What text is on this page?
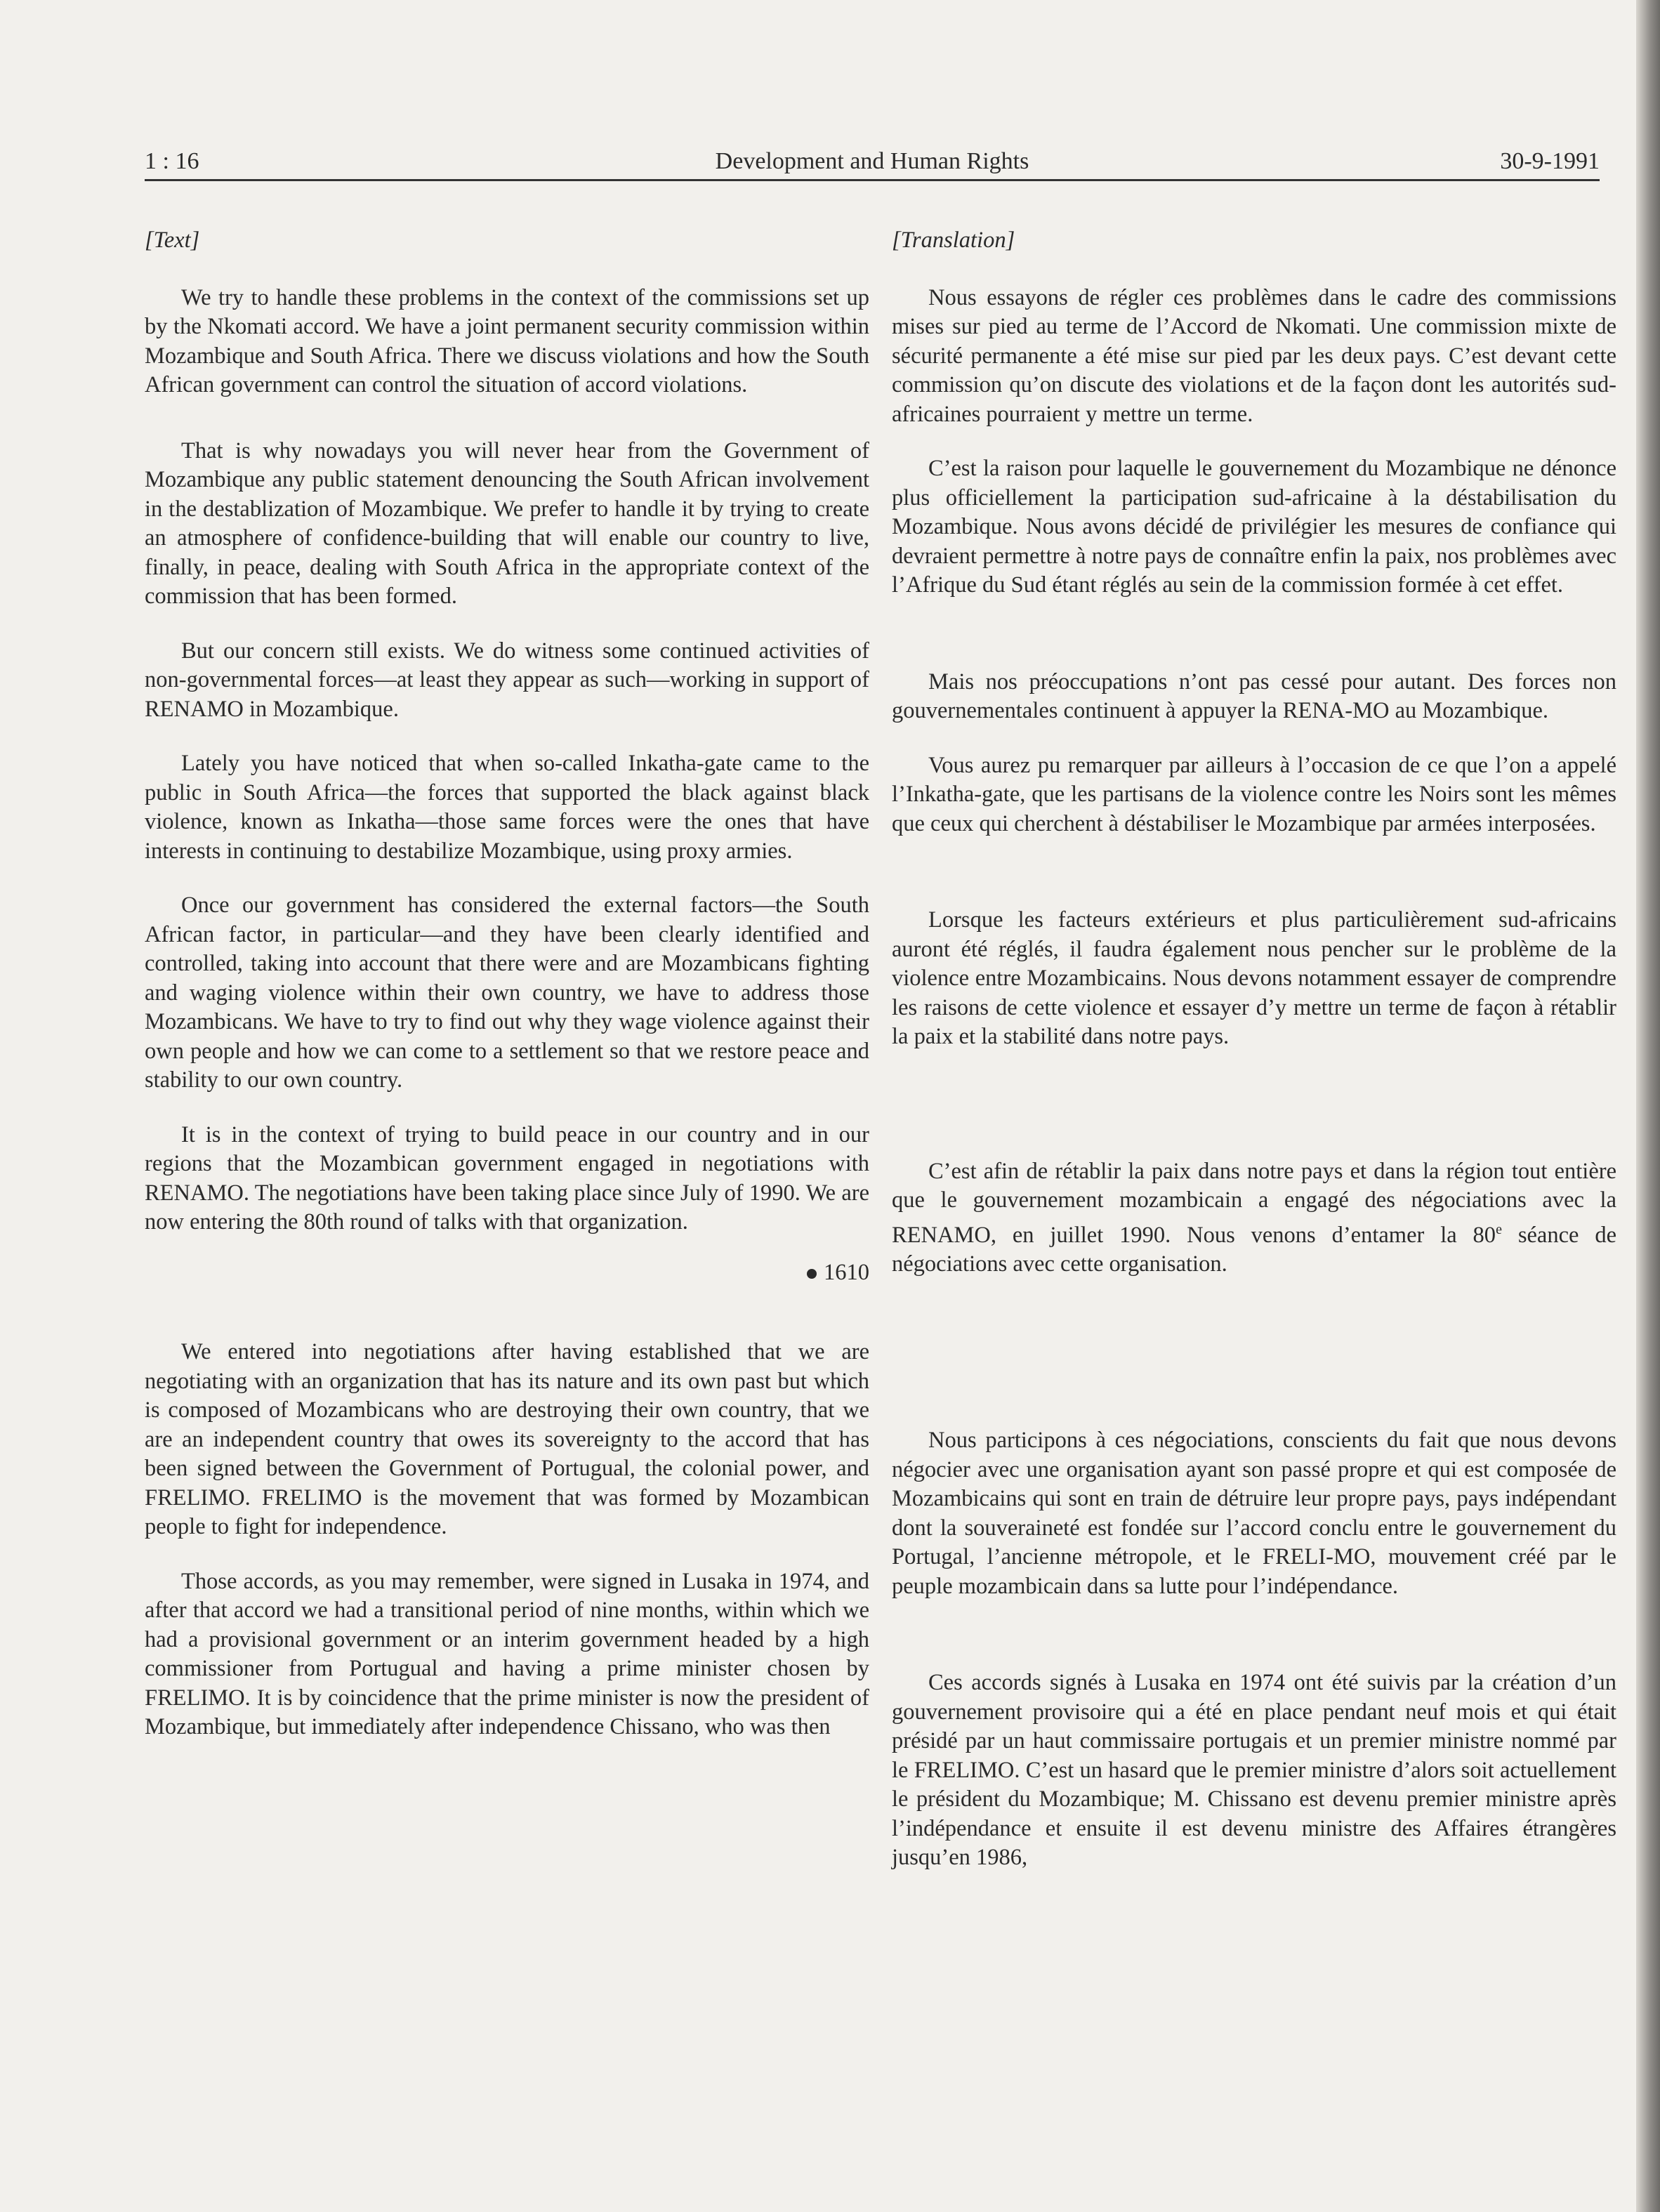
1 : 16	Development and Human Rights	30-9-1991
[Text]

We try to handle these problems in the context of the commissions set up by the Nkomati accord. We have a joint permanent security commission within Mozambique and South Africa. There we discuss violations and how the South African government can control the situation of accord violations.

That is why nowadays you will never hear from the Government of Mozambique any public statement denouncing the South African involvement in the destablization of Mozambique. We prefer to handle it by trying to create an atmosphere of confidence-building that will enable our country to live, finally, in peace, dealing with South Africa in the appropriate context of the commission that has been formed.

But our concern still exists. We do witness some continued activities of non-governmental forces—at least they appear as such—working in support of RENAMO in Mozambique.

Lately you have noticed that when so-called Inkatha-gate came to the public in South Africa—the forces that supported the black against black violence, known as Inkatha—those same forces were the ones that have interests in continuing to destabilize Mozambique, using proxy armies.

Once our government has considered the external factors—the South African factor, in particular—and they have been clearly identified and controlled, taking into account that there were and are Mozambicans fighting and waging violence within their own country, we have to address those Mozambicans. We have to try to find out why they wage violence against their own people and how we can come to a settlement so that we restore peace and stability to our own country.

It is in the context of trying to build peace in our country and in our regions that the Mozambican government engaged in negotiations with RENAMO. The negotiations have been taking place since July of 1990. We are now entering the 80th round of talks with that organization.

1610

We entered into negotiations after having established that we are negotiating with an organization that has its nature and its own past but which is composed of Mozambicans who are destroying their own country, that we are an independent country that owes its sovereignty to the accord that has been signed between the Government of Portugual, the colonial power, and FRELIMO. FRELIMO is the movement that was formed by Mozambican people to fight for independence.

Those accords, as you may remember, were signed in Lusaka in 1974, and after that accord we had a transitional period of nine months, within which we had a provisional government or an interim government headed by a high commissioner from Portugual and having a prime minister chosen by FRELIMO. It is by coincidence that the prime minister is now the president of Mozambique, but immediately after independence Chissano, who was then

[Translation]

Nous essayons de régler ces problèmes dans le cadre des commissions mises sur pied au terme de l’Accord de Nkomati. Une commission mixte de sécurité permanente a été mise sur pied par les deux pays. C’est devant cette commission qu’on discute des violations et de la façon dont les autorités sud-africaines pourraient y mettre un terme.

C’est la raison pour laquelle le gouvernement du Mozambique ne dénonce plus officiellement la participation sud-africaine à la déstabilisation du Mozambique. Nous avons décidé de privilégier les mesures de confiance qui devraient permettre à notre pays de connaître enfin la paix, nos problèmes avec l’Afrique du Sud étant réglés au sein de la commission formée à cet effet.

Mais nos préoccupations n’ont pas cessé pour autant. Des forces non gouvernementales continuent à appuyer la RENA-MO au Mozambique.

Vous aurez pu remarquer par ailleurs à l’occasion de ce que l’on a appelé l’Inkatha-gate, que les partisans de la violence contre les Noirs sont les mêmes que ceux qui cherchent à déstabiliser le Mozambique par armées interposées.

Lorsque les facteurs extérieurs et plus particulièrement sud-africains auront été réglés, il faudra également nous pencher sur le problème de la violence entre Mozambicains. Nous devons notamment essayer de comprendre les raisons de cette violence et essayer d’y mettre un terme de façon à rétablir la paix et la stabilité dans notre pays.

C’est afin de rétablir la paix dans notre pays et dans la région tout entière que le gouvernement mozambicain a engagé des négociations avec la RENAMO, en juillet 1990. Nous venons d’entamer la 80e séance de négociations avec cette organisation.

Nous participons à ces négociations, conscients du fait que nous devons négocier avec une organisation ayant son passé propre et qui est composée de Mozambicains qui sont en train de détruire leur propre pays, pays indépendant dont la souveraineté est fondée sur l’accord conclu entre le gouvernement du Portugal, l’ancienne métropole, et le FRELI-MO, mouvement créé par le peuple mozambicain dans sa lutte pour l’indépendance.

Ces accords signés à Lusaka en 1974 ont été suivis par la création d’un gouvernement provisoire qui a été en place pendant neuf mois et qui était présidé par un haut commissaire portugais et un premier ministre nommé par le FRELIMO. C’est un hasard que le premier ministre d’alors soit actuellement le président du Mozambique; M. Chissano est devenu premier ministre après l’indépendance et ensuite il est devenu ministre des Affaires étrangères jusqu’en 1986,
